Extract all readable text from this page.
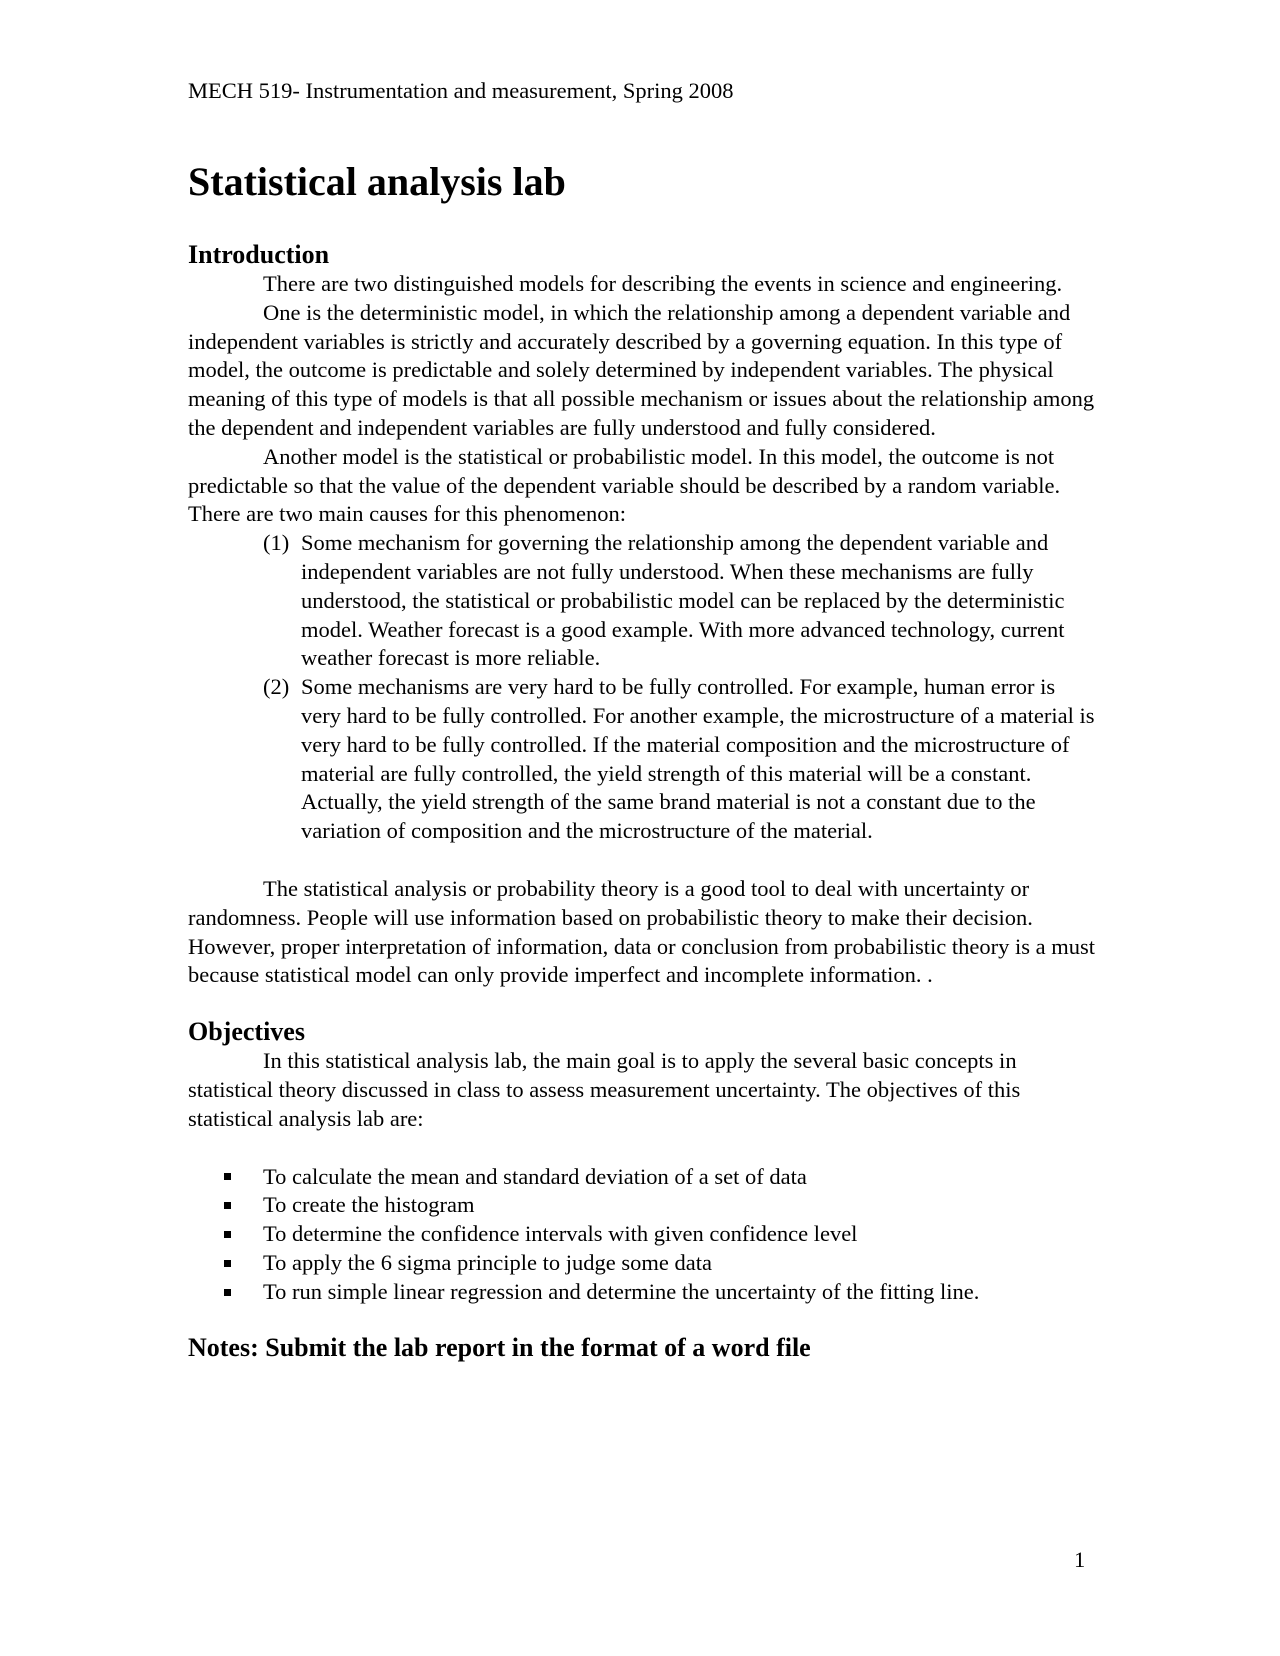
MECH 519- Instrumentation and measurement, Spring 2008

Statistical analysis lab
Introduction

There are two distinguished models for describing the events in science and engineering.

One is the deterministic model, in which the relationship among a dependent variable and independent variables is strictly and accurately described by a governing equation. In this type of model, the outcome is predictable and solely determined by independent variables. The physical meaning of this type of models is that all possible mechanism or issues about the relationship among the dependent and independent variables are fully understood and fully considered.

Another model is the statistical or probabilistic model. In this model, the outcome is not predictable so that the value of the dependent variable should be described by a random variable. There are two main causes for this phenomenon:

(1) Some mechanism for governing the relationship among the dependent variable and independent variables are not fully understood. When these mechanisms are fully understood, the statistical or probabilistic model can be replaced by the deterministic model. Weather forecast is a good example. With more advanced technology, current weather forecast is more reliable.
(2) Some mechanisms are very hard to be fully controlled. For example, human error is very hard to be fully controlled. For another example, the microstructure of a material is very hard to be fully controlled. If the material composition and the microstructure of material are fully controlled, the yield strength of this material will be a constant. Actually, the yield strength of the same brand material is not a constant due to the variation of composition and the microstructure of the material.

The statistical analysis or probability theory is a good tool to deal with uncertainty or randomness. People will use information based on probabilistic theory to make their decision. However, proper interpretation of information, data or conclusion from probabilistic theory is a must because statistical model can only provide imperfect and incomplete information. .

Objectives

In this statistical analysis lab, the main goal is to apply the several basic concepts in statistical theory discussed in class to assess measurement uncertainty. The objectives of this statistical analysis lab are:

To calculate the mean and standard deviation of a set of data
To create the histogram
To determine the confidence intervals with given confidence level
To apply the 6 sigma principle to judge some data
To run simple linear regression and determine the uncertainty of the fitting line.
Notes: Submit the lab report in the format of a word file
1
